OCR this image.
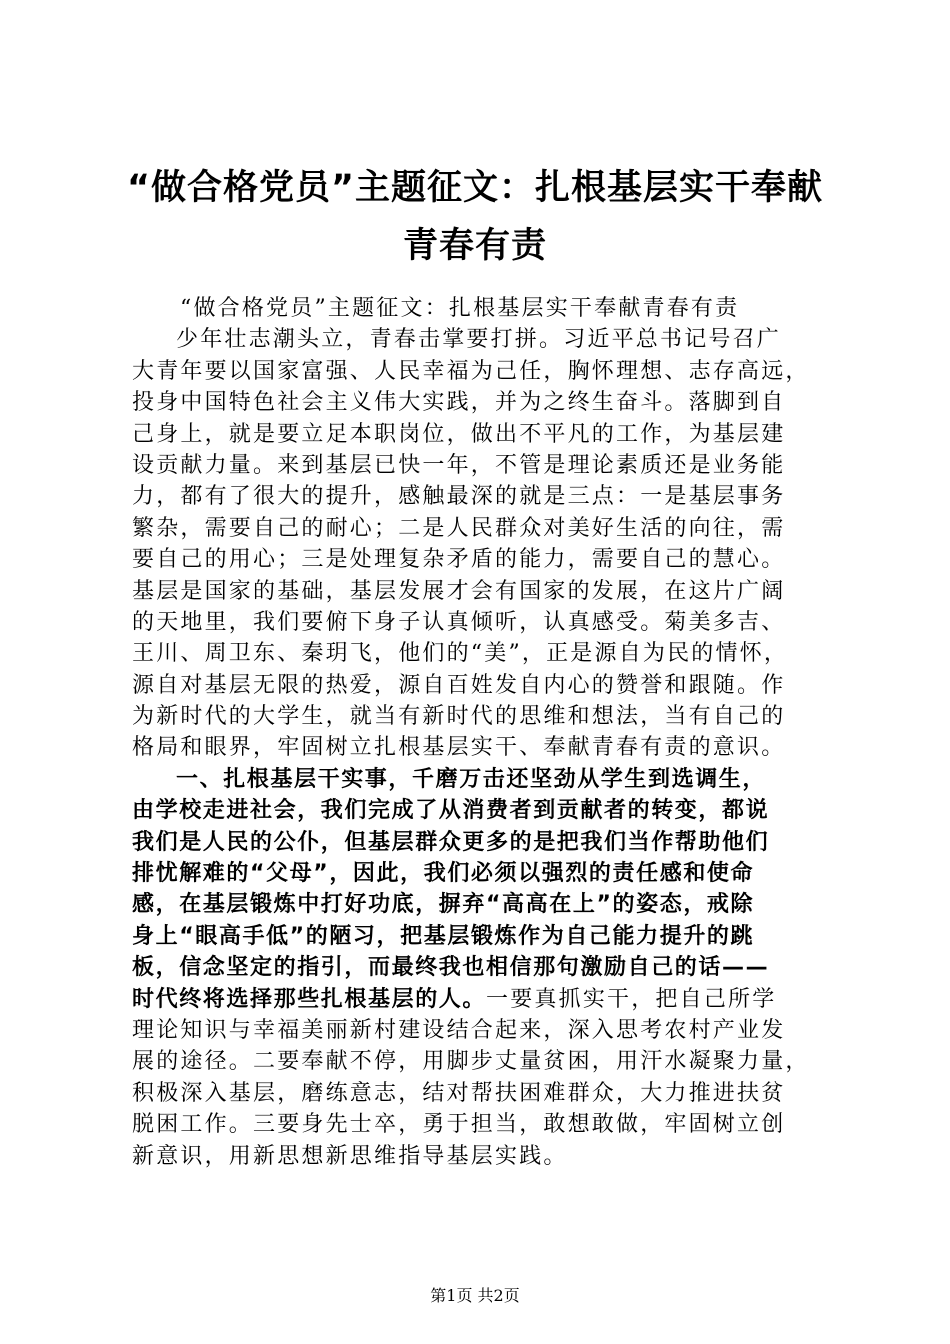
“做合格党员”主题征文：扎根基层实干奉献
青春有责
“做合格党员”主题征文：扎根基层实干奉献青春有责
少年壮志潮头立，青春击掌要打拼。习近平总书记号召广
大青年要以国家富强、人民幸福为己任，胸怀理想、志存高远，
投身中国特色社会主义伟大实践，并为之终生奋斗。落脚到自
己身上，就是要立足本职岗位，做出不平凡的工作，为基层建
设贡献力量。来到基层已快一年，不管是理论素质还是业务能
力，都有了很大的提升，感触最深的就是三点：一是基层事务
繁杂，需要自己的耐心；二是人民群众对美好生活的向往，需
要自己的用心；三是处理复杂矛盾的能力，需要自己的慧心。
基层是国家的基础，基层发展才会有国家的发展，在这片广阔
的天地里，我们要俯下身子认真倾听，认真感受。菊美多吉、
王川、周卫东、秦玥飞，他们的“美”，正是源自为民的情怀，
源自对基层无限的热爱，源自百姓发自内心的赞誉和跟随。作
为新时代的大学生，就当有新时代的思维和想法，当有自己的
格局和眼界，牢固树立扎根基层实干、奉献青春有责的意识。
一、扎根基层干实事，千磨万击还坚劲从学生到选调生，
由学校走进社会，我们完成了从消费者到贡献者的转变，都说
我们是人民的公仆，但基层群众更多的是把我们当作帮助他们
排忧解难的“父母”，因此，我们必须以强烈的责任感和使命
感，在基层锻炼中打好功底，摒弃“高高在上”的姿态，戒除
身上“眼高手低”的陋习，把基层锻炼作为自己能力提升的跳
板，信念坚定的指引，而最终我也相信那句激励自己的话——
时代终将选择那些扎根基层的人。一要真抓实干，把自己所学
理论知识与幸福美丽新村建设结合起来，深入思考农村产业发
展的途径。二要奉献不停，用脚步丈量贫困，用汗水凝聚力量，
积极深入基层，磨练意志，结对帮扶困难群众，大力推进扶贫
脱困工作。三要身先士卒，勇于担当，敢想敢做，牢固树立创
新意识，用新思想新思维指导基层实践。
第1页 共2页
